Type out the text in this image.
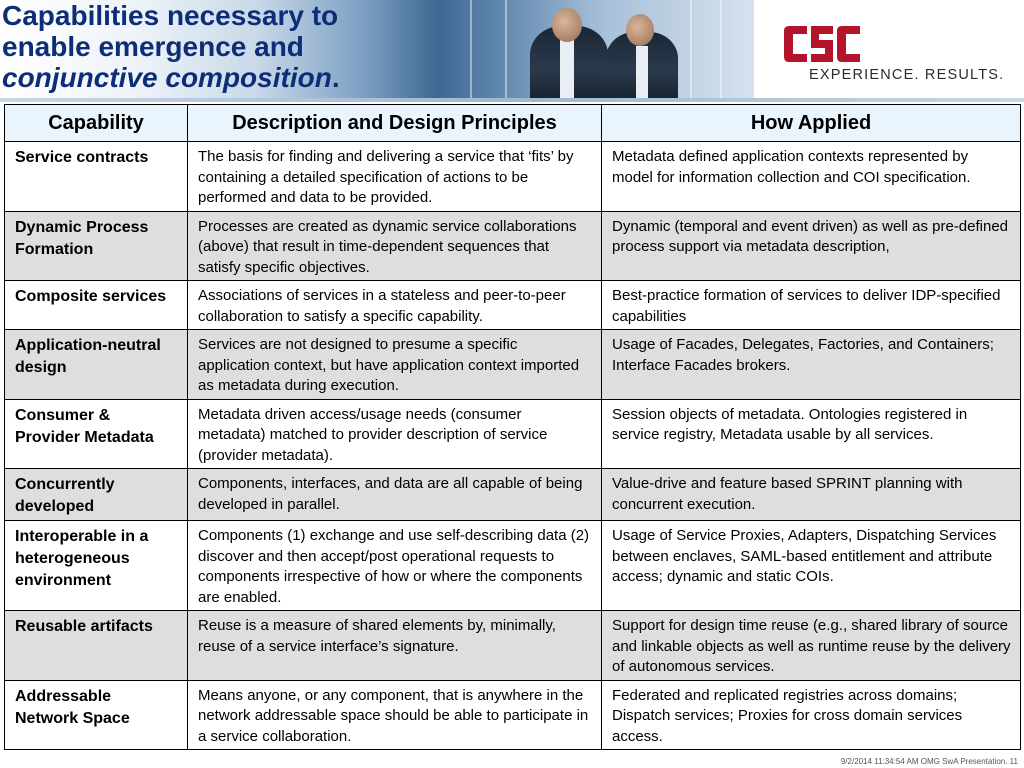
Capabilities necessary to
enable emergence and
conjunctive composition.	EXPERIENCE. RESULTS.
Capability	Description and Design Principles	How Applied
Service contracts	The basis for finding and delivering a service that ‘fits’ by containing a detailed specification of actions to be performed and data to be provided.	Metadata defined application contexts represented by model for information collection and COI specification.
Dynamic Process Formation	Processes are created as dynamic service collaborations (above) that result in time-dependent sequences that satisfy specific objectives.	Dynamic (temporal and event driven) as well as pre-defined process support via metadata description,
Composite services	Associations of services in a stateless and peer-to-peer collaboration to satisfy a specific capability.	Best-practice formation of services to deliver IDP-specified capabilities
Application-neutral design	Services are not designed to presume a specific application context, but have application context imported as metadata during execution.	Usage of Facades, Delegates, Factories, and Containers; Interface Facades brokers.
Consumer & Provider Metadata	Metadata driven access/usage needs (consumer metadata) matched to provider description of service (provider metadata).	Session objects of metadata. Ontologies registered in service registry, Metadata usable by all services.
Concurrently developed	Components, interfaces, and data are all capable of being developed in parallel.	Value-drive and feature based SPRINT planning with concurrent execution.
Interoperable in a heterogeneous environment	Components (1) exchange and use self-describing data (2) discover and then accept/post operational requests to components irrespective of how or where the components are enabled.	Usage of Service Proxies, Adapters, Dispatching Services between enclaves, SAML-based entitlement and attribute access; dynamic and static COIs.
Reusable artifacts	Reuse is a measure of shared elements by, minimally, reuse of a service interface’s signature.	Support for design time reuse (e.g., shared library of source and linkable objects as well as runtime reuse by the delivery of autonomous services.
Addressable Network Space	Means anyone, or any component, that is anywhere in the network addressable space should be able to participate in a service collaboration.	Federated and replicated registries across domains; Dispatch services; Proxies for cross domain services access.
9/2/2014 11:34:54 AM OMG SwA Presentation. 11
